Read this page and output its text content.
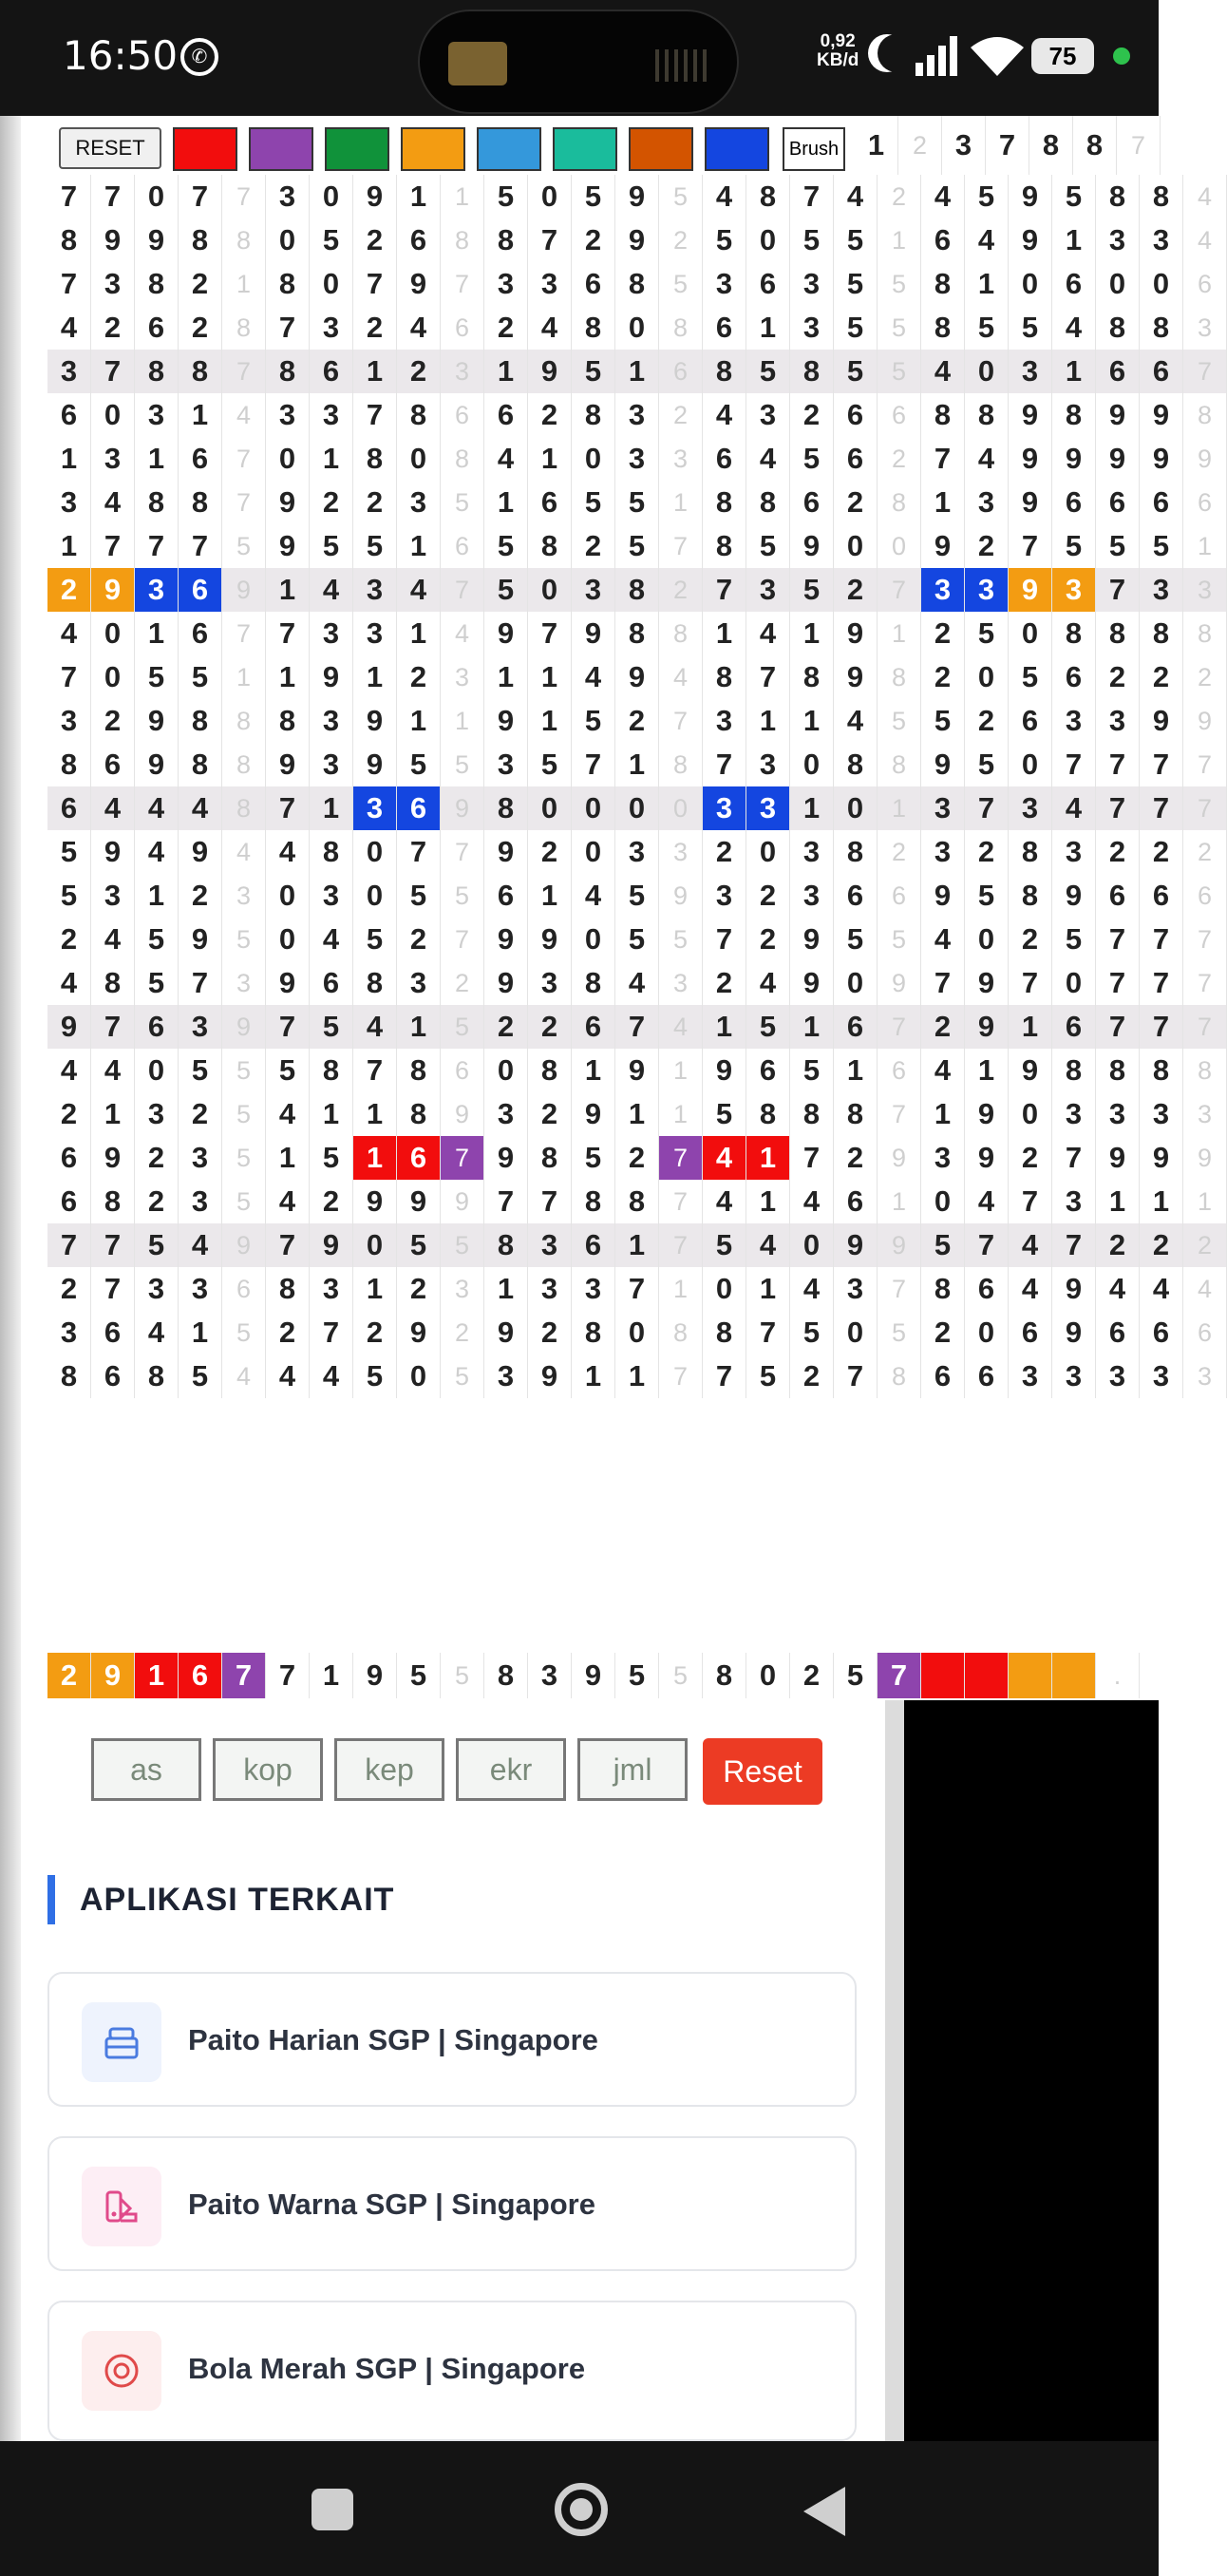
16:50 ✆
0,92
KB/d	75
7 7 0 7	7 3 0 9 1	1 5 0 5 9	5 4 8 7 4	2 4 5 9 5 8 8	4
8 9 9 8	8 0 5 2 6	8 8 7 2 9	2 5 0 5 5	1 6 4 9 1 3 3	4
7 3 8 2	1 8 0 7 9	7 3 3 6 8	5 3 6 3 5	5 8 1 0 6 0 0	6
4 2 6 2	8 7 3 2 4	6 2 4 8 0	8 6 1 3 5	5 8 5 5 4 8 8	3
3 7 8 8	7 8 6 1 2	3 1 9 5 1	6 8 5 8 5	5 4 0 3 1 6 6	7
6 0 3 1	4 3 3 7 8	6 6 2 8 3	2 4 3 2 6	6 8 8 9 8 9 9	8
1 3 1 6	7 0 1 8 0	8 4 1 0 3	3 6 4 5 6	2 7 4 9 9 9 9	9
3 4 8 8	7 9 2 2 3	5 1 6 5 5	1 8 8 6 2	8 1 3 9 6 6 6	6
1 7 7 7	5 9 5 5 1	6 5 8 2 5	7 8 5 9 0	0 9 2 7 5 5 5	1
2 9 3 6	9 1 4 3 4	7 5 0 3 8	2 7 3 5 2	7 3 3 9 3 7 3	3
4 0 1 6	7 7 3 3 1	4 9 7 9 8	8 1 4 1 9	1 2 5 0 8 8 8	8
7 0 5 5	1 1 9 1 2	3 1 1 4 9	4 8 7 8 9	8 2 0 5 6 2 2	2
3 2 9 8	8 8 3 9 1	1 9 1 5 2	7 3 1 1 4	5 5 2 6 3 3 9	9
8 6 9 8	8 9 3 9 5	5 3 5 7 1	8 7 3 0 8	8 9 5 0 7 7 7	7
6 4 4 4	8 7 1 3 6	9 8 0 0 0	0 3 3 1 0	1 3 7 3 4 7 7	7
5 9 4 9	4 4 8 0 7	7 9 2 0 3	3 2 0 3 8	2 3 2 8 3 2 2	2
5 3 1 2	3 0 3 0 5	5 6 1 4 5	9 3 2 3 6	6 9 5 8 9 6 6	6
2 4 5 9	5 0 4 5 2	7 9 9 0 5	5 7 2 9 5	5 4 0 2 5 7 7	7
4 8 5 7	3 9 6 8 3	2 9 3 8 4	3 2 4 9 0	9 7 9 7 0 7 7	7
9 7 6 3	9 7 5 4 1	5 2 2 6 7	4 1 5 1 6	7 2 9 1 6 7 7	7
4 4 0 5	5 5 8 7 8	6 0 8 1 9	1 9 6 5 1	6 4 1 9 8 8 8	8
2 1 3 2	5 4 1 1 8	9 3 2 9 1	1 5 8 8 8	7 1 9 0 3 3 3	3
6 9 2 3	5 1 5 1 6	7 9 8 5 2	7 4 1 7 2	9 3 9 2 7 9 9	9
6 8 2 3	5 4 2 9 9	9 7 7 8 8	7 4 1 4 6	1 0 4 7 3 1 1	1
7 7 5 4	9 7 9 0 5	5 8 3 6 1	7 5 4 0 9	9 5 7 4 7 2 2	2
2 7 3 3	6 8 3 1 2	3 1 3 3 7	1 0 1 4 3	7 8 6 4 9 4 4	4
3 6 4 1	5 2 7 2 9	2 9 2 8 0	8 8 7 5 0	5 2 0 6 9 6 6	6
8 6 8 5	4 4 4 5 0	5 3 9 1 1	7 7 5 2 7	8 6 6 3 3 3 3	3
RESET	Brush 1	2 3 7 8 8	7
2 9 1 6 7 7 1 9 5	5 8 3 9 5	5 8 0 2 5 7	.
as	kop	kep	ekr	jml	Reset
APLIKASI TERKAIT
Paito Harian SGP | Singapore
Paito Warna SGP | Singapore
Bola Merah SGP | Singapore
